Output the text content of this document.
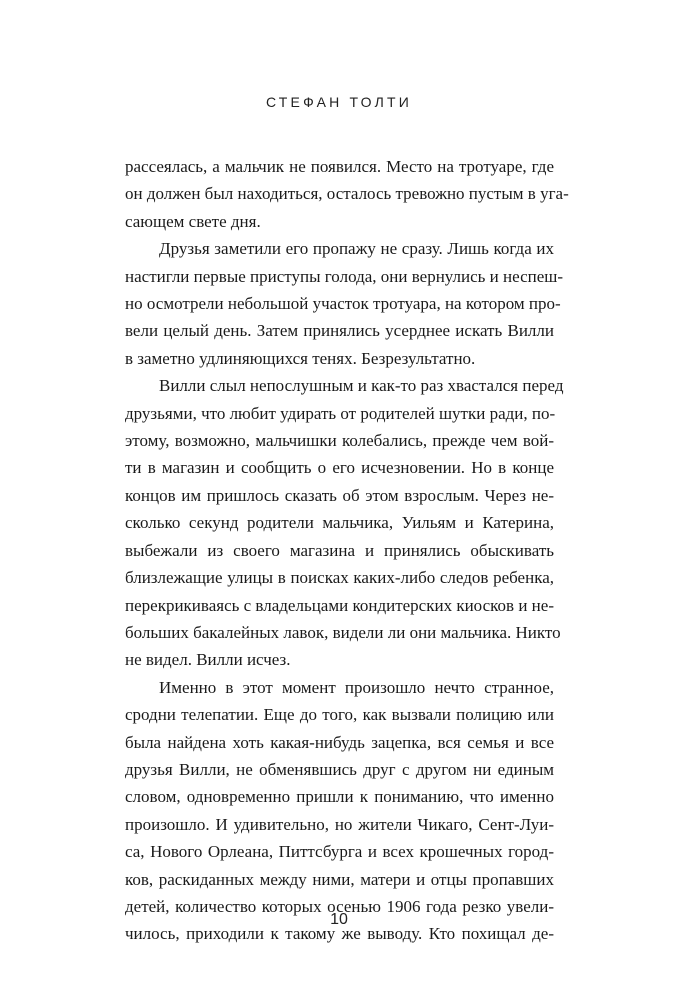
СТЕФАН ТОЛТИ
рассеялась, а мальчик не появился. Место на тротуаре, где
он должен был находиться, осталось тревожно пустым в уга-
сающем свете дня.
Друзья заметили его пропажу не сразу. Лишь когда их
настигли первые приступы голода, они вернулись и неспеш-
но осмотрели небольшой участок тротуара, на котором про-
вели целый день. Затем принялись усерднее искать Вилли
в заметно удлиняющихся тенях. Безрезультатно.
Вилли слыл непослушным и как-то раз хвастался перед
друзьями, что любит удирать от родителей шутки ради, по-
этому, возможно, мальчишки колебались, прежде чем вой-
ти в магазин и сообщить о его исчезновении. Но в конце
концов им пришлось сказать об этом взрослым. Через не-
сколько секунд родители мальчика, Уильям и Катерина,
выбежали из своего магазина и принялись обыскивать
близлежащие улицы в поисках каких-либо следов ребенка,
перекрикиваясь с владельцами кондитерских киосков и не-
больших бакалейных лавок, видели ли они мальчика. Никто
не видел. Вилли исчез.
Именно в этот момент произошло нечто странное,
сродни телепатии. Еще до того, как вызвали полицию или
была найдена хоть какая-нибудь зацепка, вся семья и все
друзья Вилли, не обменявшись друг с другом ни единым
словом, одновременно пришли к пониманию, что именно
произошло. И удивительно, но жители Чикаго, Сент-Луи-
са, Нового Орлеана, Питтсбурга и всех крошечных город-
ков, раскиданных между ними, матери и отцы пропавших
детей, количество которых осенью 1906 года резко увели-
чилось, приходили к такому же выводу. Кто похищал де-
10
